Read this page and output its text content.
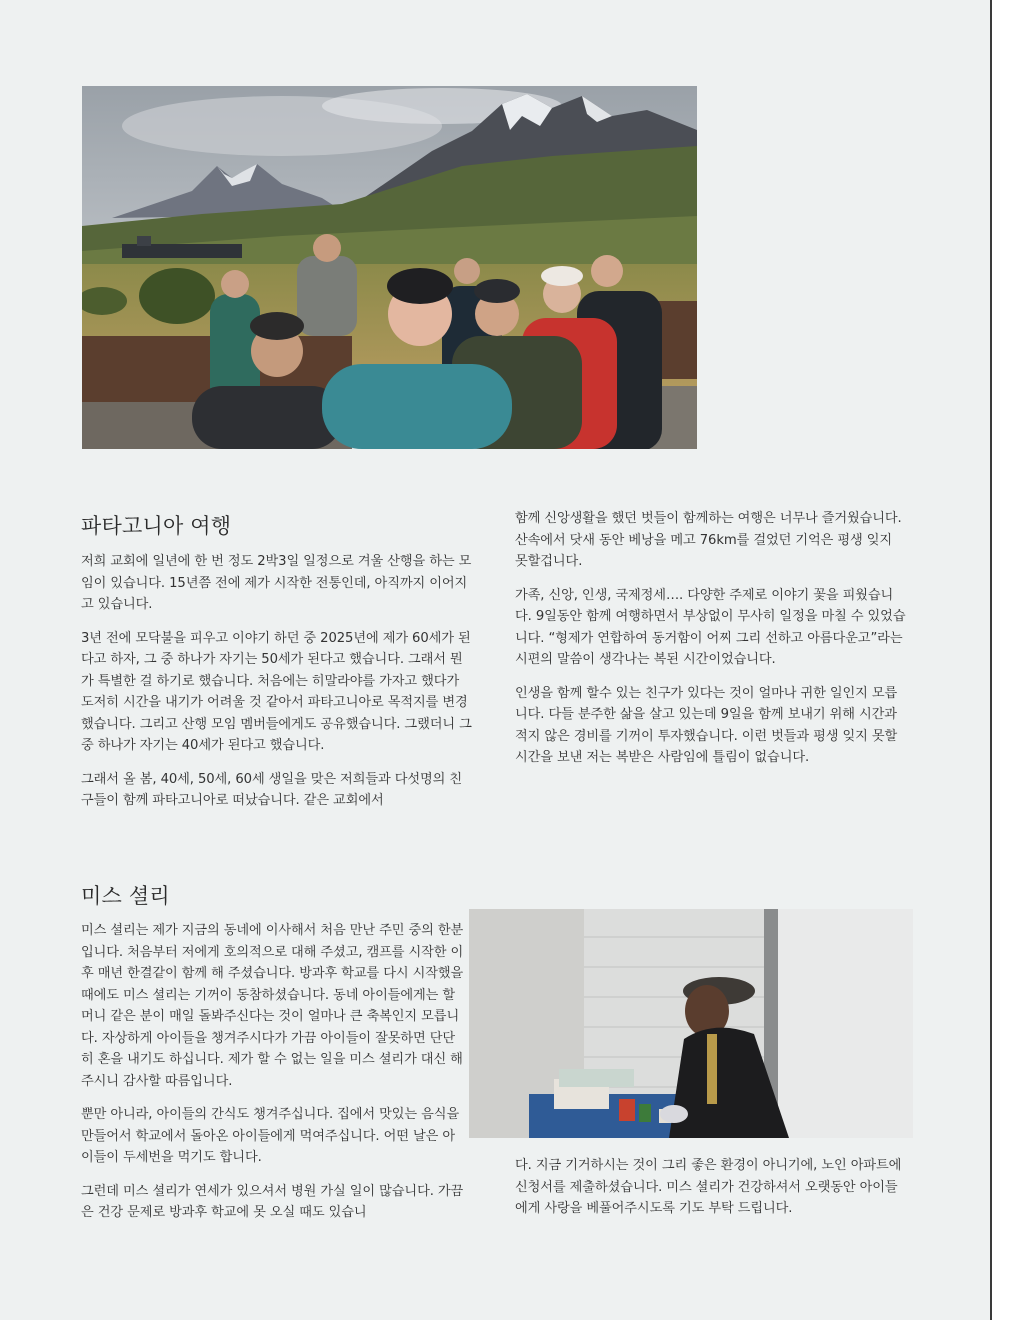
파타고니아 여행

저희 교회에 일년에 한 번 정도 2박3일 일정으로 겨울 산행을 하는 모임이 있습니다. 15년쯤 전에 제가 시작한 전통인데, 아직까지 이어지고 있습니다.

3년 전에 모닥불을 피우고 이야기 하던 중 2025년에 제가 60세가 된다고 하자, 그 중 하나가 자기는 50세가 된다고 했습니다. 그래서 뭔가 특별한 걸 하기로 했습니다. 처음에는 히말라야를 가자고 했다가 도저히 시간을 내기가 어려울 것 같아서 파타고니아로 목적지를 변경했습니다. 그리고 산행 모임 멤버들에게도 공유했습니다. 그랬더니 그 중 하나가 자기는 40세가 된다고 했습니다.

그래서 올 봄, 40세, 50세, 60세 생일을 맞은 저희들과 다섯명의 친구들이 함께 파타고니아로 떠났습니다. 같은 교회에서

함께 신앙생활을 했던 벗들이 함께하는 여행은 너무나 즐거웠습니다. 산속에서 닷새 동안 베낭을 메고 76km를 걸었던 기억은 평생 잊지 못할겁니다.

가족, 신앙, 인생, 국제정세…. 다양한 주제로 이야기 꽃을 피웠습니다. 9일동안 함께 여행하면서 부상없이 무사히 일정을 마칠 수 있었습니다. “형제가 연합하여 동거함이 어찌 그리 선하고 아름다운고”라는 시편의 말씀이 생각나는 복된 시간이었습니다.

인생을 함께 할수 있는 친구가 있다는 것이 얼마나 귀한 일인지 모릅니다. 다들 분주한 삶을 살고 있는데 9일을 함께 보내기 위해 시간과 적지 않은 경비를 기꺼이 투자했습니다. 이런 벗들과 평생 잊지 못할 시간을 보낸 저는 복받은 사람임에 틀림이 없습니다.

미스 셜리

미스 셜리는 제가 지금의 동네에 이사해서 처음 만난 주민 중의 한분입니다. 처음부터 저에게 호의적으로 대해 주셨고, 캠프를 시작한 이후 매년 한결같이 함께 해 주셨습니다. 방과후 학교를 다시 시작했을 때에도 미스 셜리는 기꺼이 동참하셨습니다. 동네 아이들에게는 할머니 같은 분이 매일 돌봐주신다는 것이 얼마나 큰 축복인지 모릅니다. 자상하게 아이들을 챙겨주시다가 가끔 아이들이 잘못하면 단단히 혼을 내기도 하십니다. 제가 할 수 없는 일을 미스 셜리가 대신 해주시니 감사할 따름입니다.

뿐만 아니라, 아이들의 간식도 챙겨주십니다. 집에서 맛있는 음식을 만들어서 학교에서 돌아온 아이들에게 먹여주십니다. 어떤 날은 아이들이 두세번을 먹기도 합니다.

그런데 미스 셜리가 연세가 있으셔서 병원 가실 일이 많습니다. 가끔은 건강 문제로 방과후 학교에 못 오실 때도 있습니

다. 지금 기거하시는 것이 그리 좋은 환경이 아니기에, 노인 아파트에 신청서를 제출하셨습니다. 미스 셜리가 건강하셔서 오랫동안 아이들에게 사랑을 베풀어주시도록 기도 부탁 드립니다.
